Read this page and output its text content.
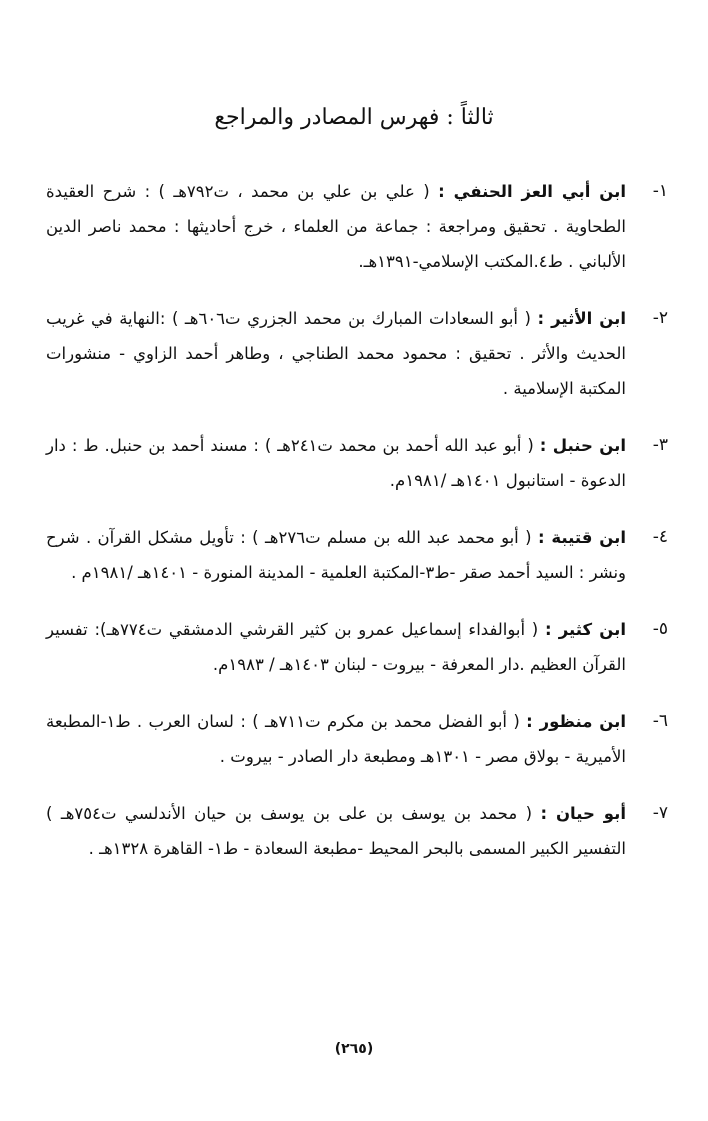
ثالثاً : فهرس المصادر والمراجع
١-
ابن أبي العز الحنفي : ( علي بن علي بن محمد ، ت٧٩٢هـ ) : شرح العقيدة الطحاوية . تحقيق ومراجعة : جماعة من العلماء ، خرج أحاديثها : محمد ناصر الدين الألباني . ط٤.المكتب الإسلامي-١٣٩١هـ.
٢-
ابن الأثير : ( أبو السعادات المبارك بن محمد الجزري ت٦٠٦هـ ) :النهاية في غريب الحديث والأثر . تحقيق : محمود محمد الطناجي ، وطاهر أحمد الزاوي - منشورات المكتبة الإسلامية .
٣-
ابن حنبل : ( أبو عبد الله أحمد بن محمد ت٢٤١هـ ) : مسند أحمد بن حنبل. ط : دار الدعوة - استانبول ١٤٠١هـ /١٩٨١م.
٤-
ابن قتيبة : ( أبو محمد عبد الله بن مسلم ت٢٧٦هـ ) : تأويل مشكل القرآن . شرح ونشر : السيد أحمد صقر -ط٣-المكتبة العلمية - المدينة المنورة - ١٤٠١هـ /١٩٨١م .
٥-
ابن كثير : ( أبوالفداء إسماعيل عمرو بن كثير القرشي الدمشقي ت٧٧٤هـ): تفسير القرآن العظيم .دار المعرفة - بيروت - لبنان ١٤٠٣هـ / ١٩٨٣م.
٦-
ابن منظور : ( أبو الفضل محمد بن مكرم ت٧١١هـ ) : لسان العرب . ط١-المطبعة الأميرية - بولاق مصر - ١٣٠١هـ ومطبعة دار الصادر - بيروت .
٧-
أبو حيان : ( محمد بن يوسف بن على بن يوسف بن حيان الأندلسي ت٧٥٤هـ ) التفسير الكبير المسمى بالبحر المحيط -مطبعة السعادة - ط١- القاهرة ١٣٢٨هـ .
(٢٦٥)
